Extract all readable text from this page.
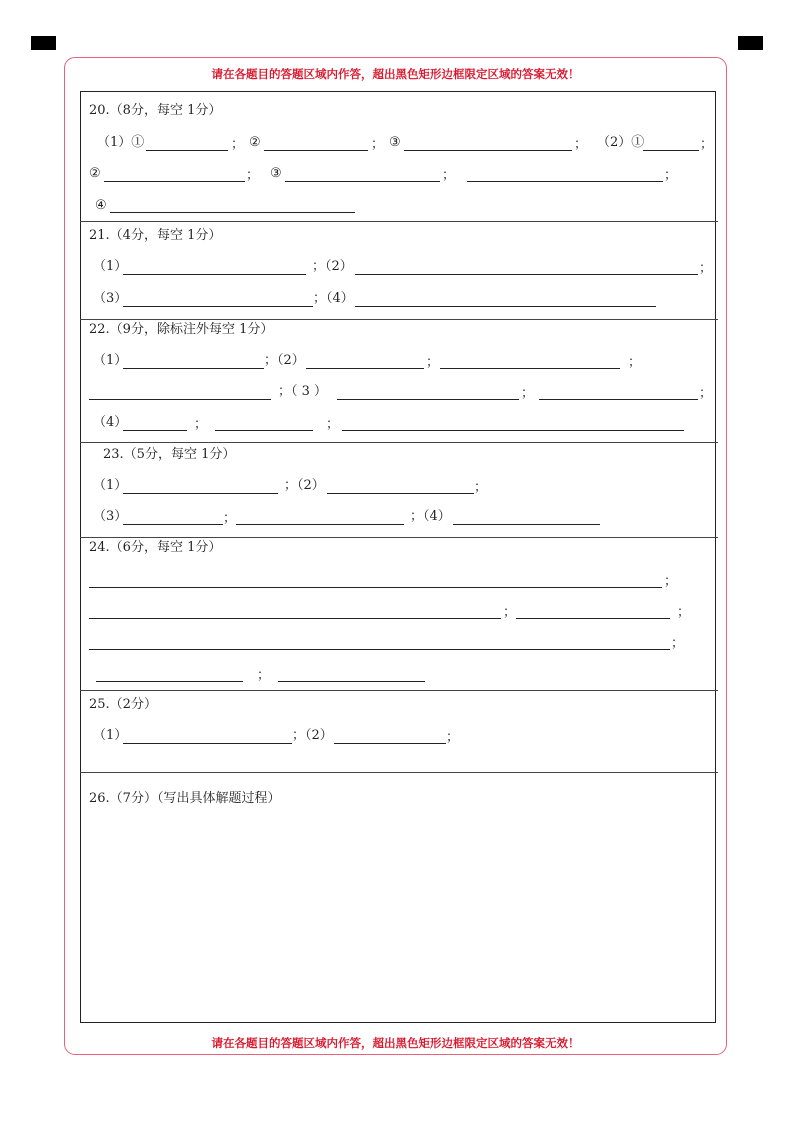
请在各题目的答题区域内作答，超出黑色矩形边框限定区域的答案无效！
请在各题目的答题区域内作答，超出黑色矩形边框限定区域的答案无效！
20.（8分，每空 1分）
（1）①	； ②	； ③	； （2）①	；
②	； ③	；	；
④
21.（4分，每空 1分）
（1）	；（2）	；
（3）	；（4）
22.（9分，除标注外每空 1分）
（1）	；（2）	；	；
；（ 3 ）	；	；
（4）	；	；
23.（5分，每空 1分）
（1）	；（2）	；
（3）	；	；（4）
24.（6分，每空 1分）
；
；	；
；
；
25.（2分）
（1）	；（2）	；
26.（7分）（写出具体解题过程）
